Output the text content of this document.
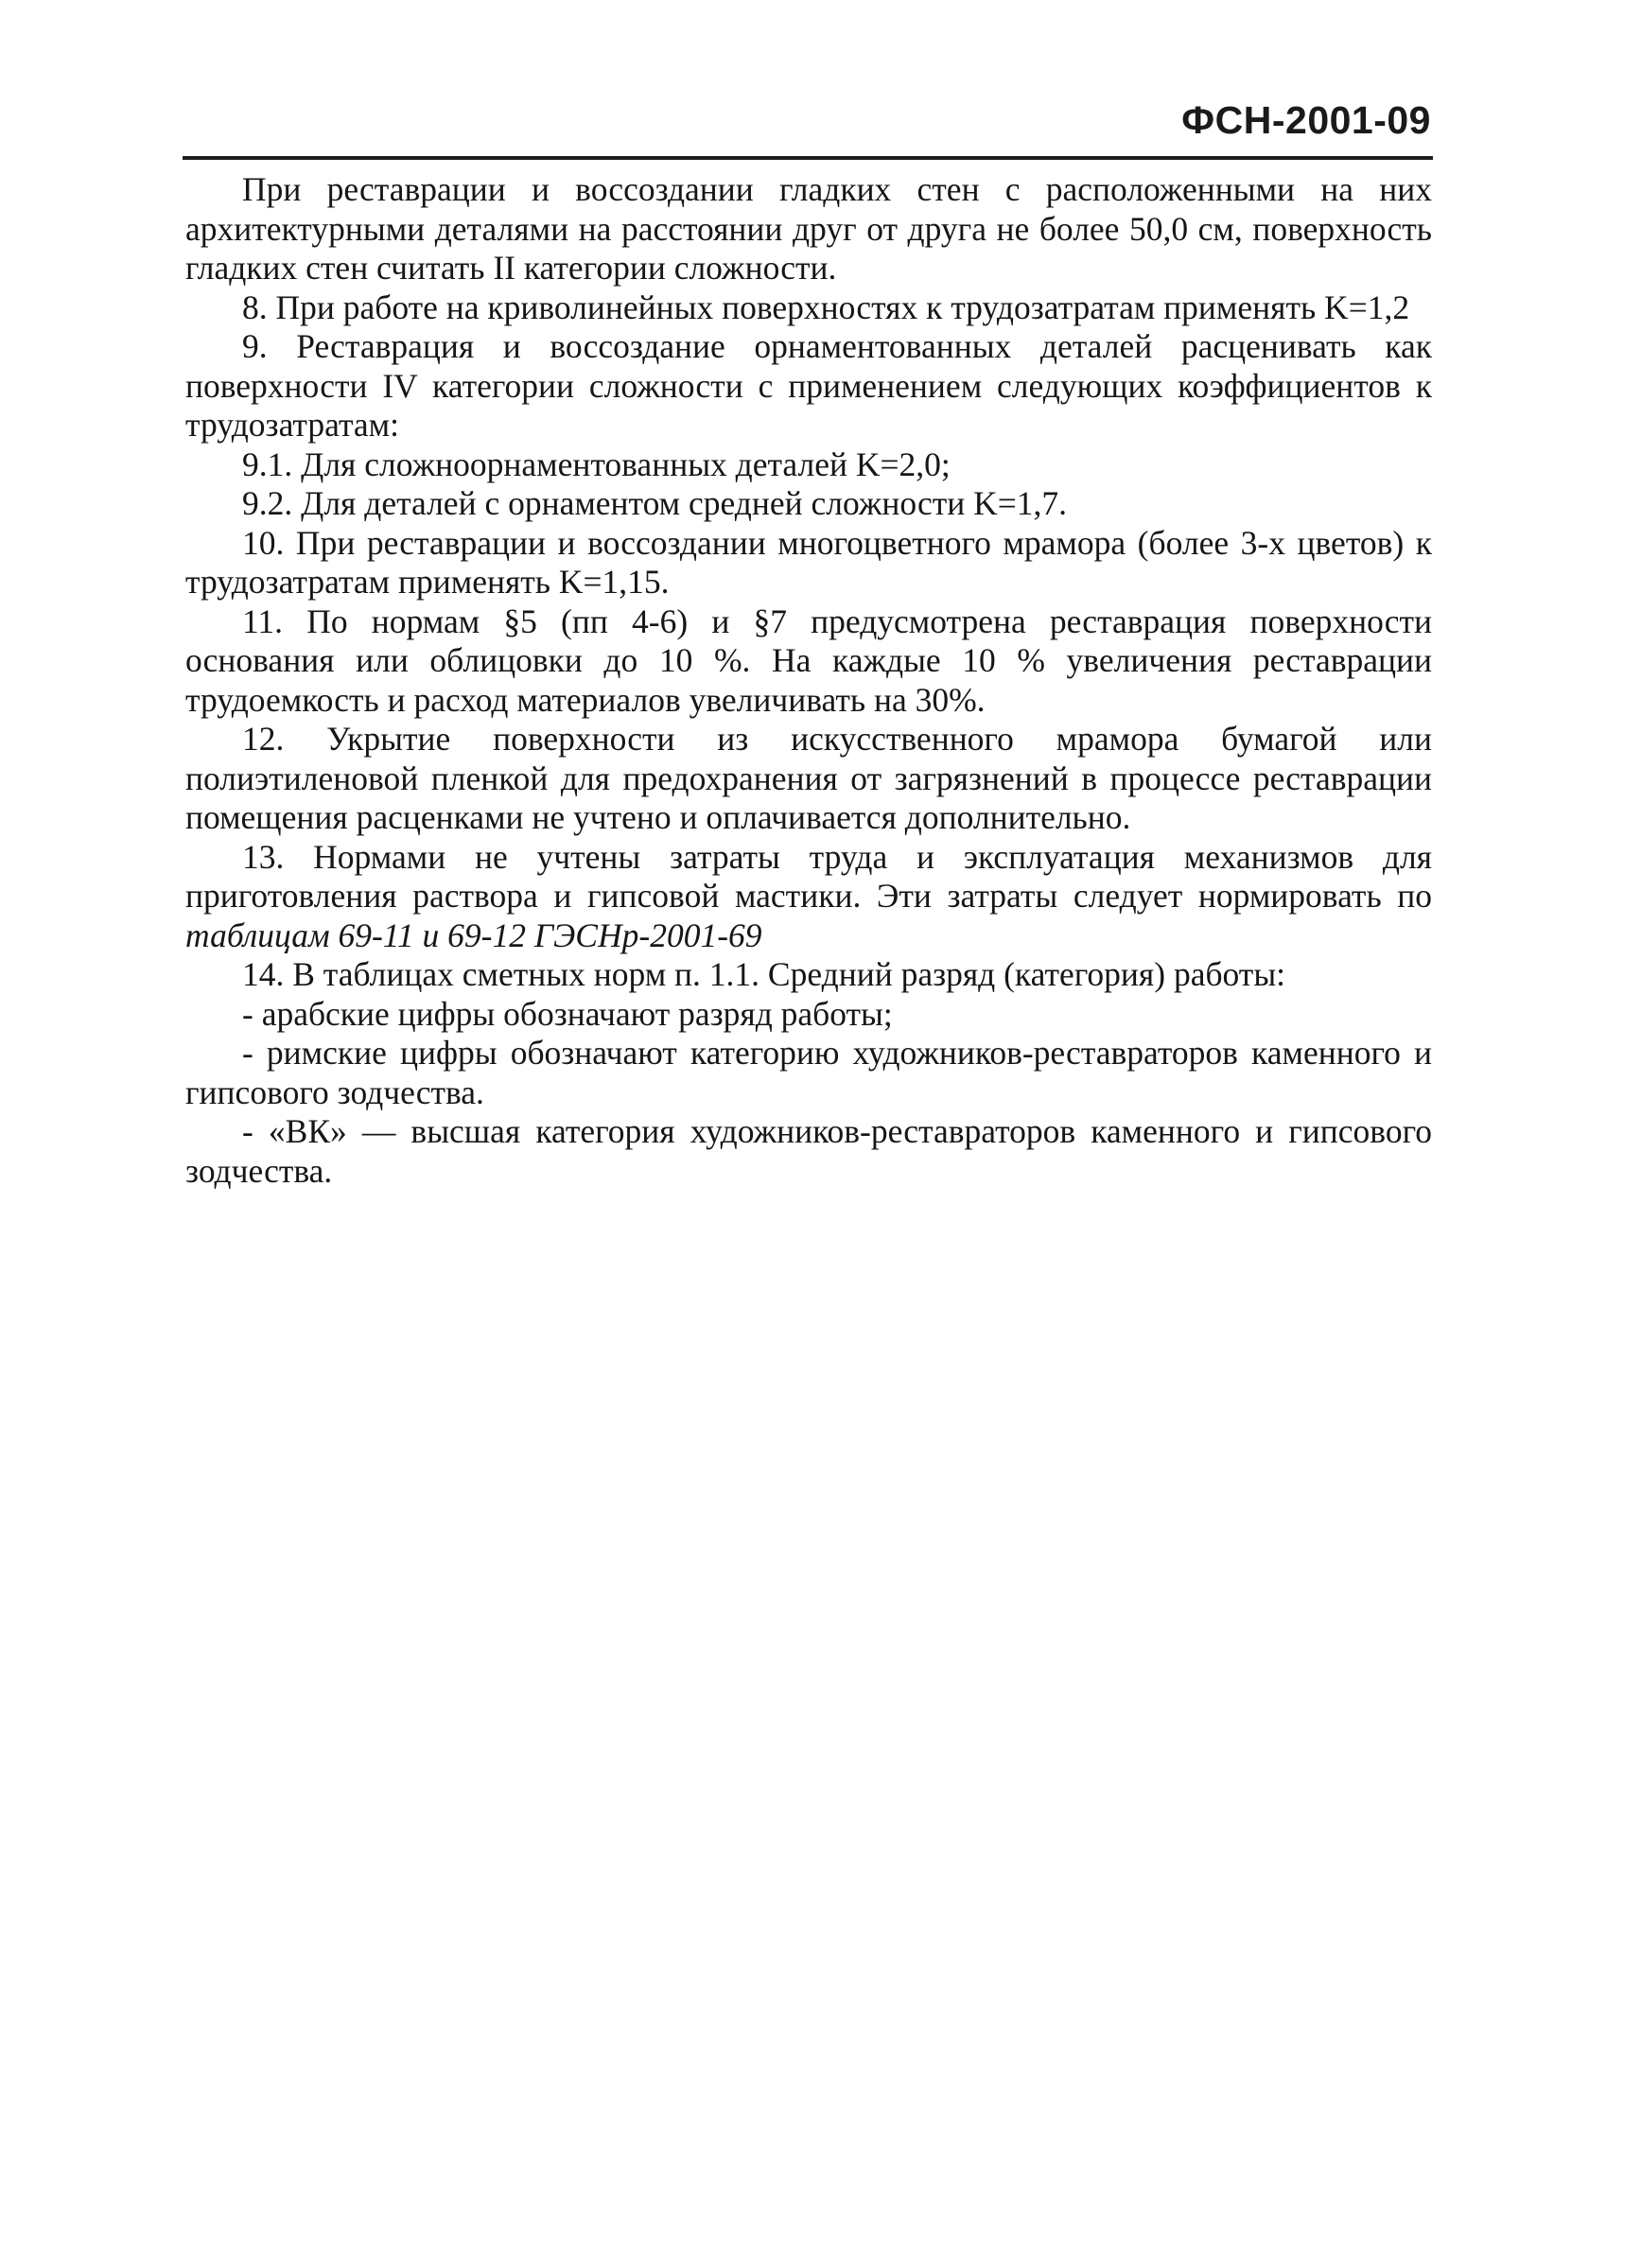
ФСН-2001-09

При реставрации и воссоздании гладких стен с расположенными на них архитектурными деталями на расстоянии друг от друга не более 50,0 см, поверхность гладких стен считать II категории сложности.

8. При работе на криволинейных поверхностях к трудозатратам применять K=1,2

9. Реставрация и воссоздание орнаментованных деталей расценивать как поверхности IV категории сложности с применением следующих коэффициентов к трудозатратам:

9.1. Для сложноорнаментованных деталей K=2,0;

9.2. Для деталей с орнаментом средней сложности K=1,7.

10. При реставрации и воссоздании многоцветного мрамора (более 3-х цветов) к трудозатратам применять K=1,15.

11. По нормам §5 (пп 4-6) и §7 предусмотрена реставрация поверхности основания или облицовки до 10 %. На каждые 10 % увеличения реставрации трудоемкость и расход материалов увеличивать на 30%.

12. Укрытие поверхности из искусственного мрамора бумагой или полиэтиленовой пленкой для предохранения от загрязнений в процессе реставрации помещения расценками не учтено и оплачивается дополнительно.

13. Нормами не учтены затраты труда и эксплуатация механизмов для приготовления раствора и гипсовой мастики. Эти затраты следует нормировать по таблицам 69-11 и 69-12 ГЭСНр-2001-69

14. В таблицах сметных норм п. 1.1. Средний разряд (категория) работы:

- арабские цифры обозначают разряд работы;

- римские цифры обозначают категорию художников-реставраторов каменного и гипсового зодчества.

- «ВК» — высшая категория художников-реставраторов каменного и гипсового зодчества.
